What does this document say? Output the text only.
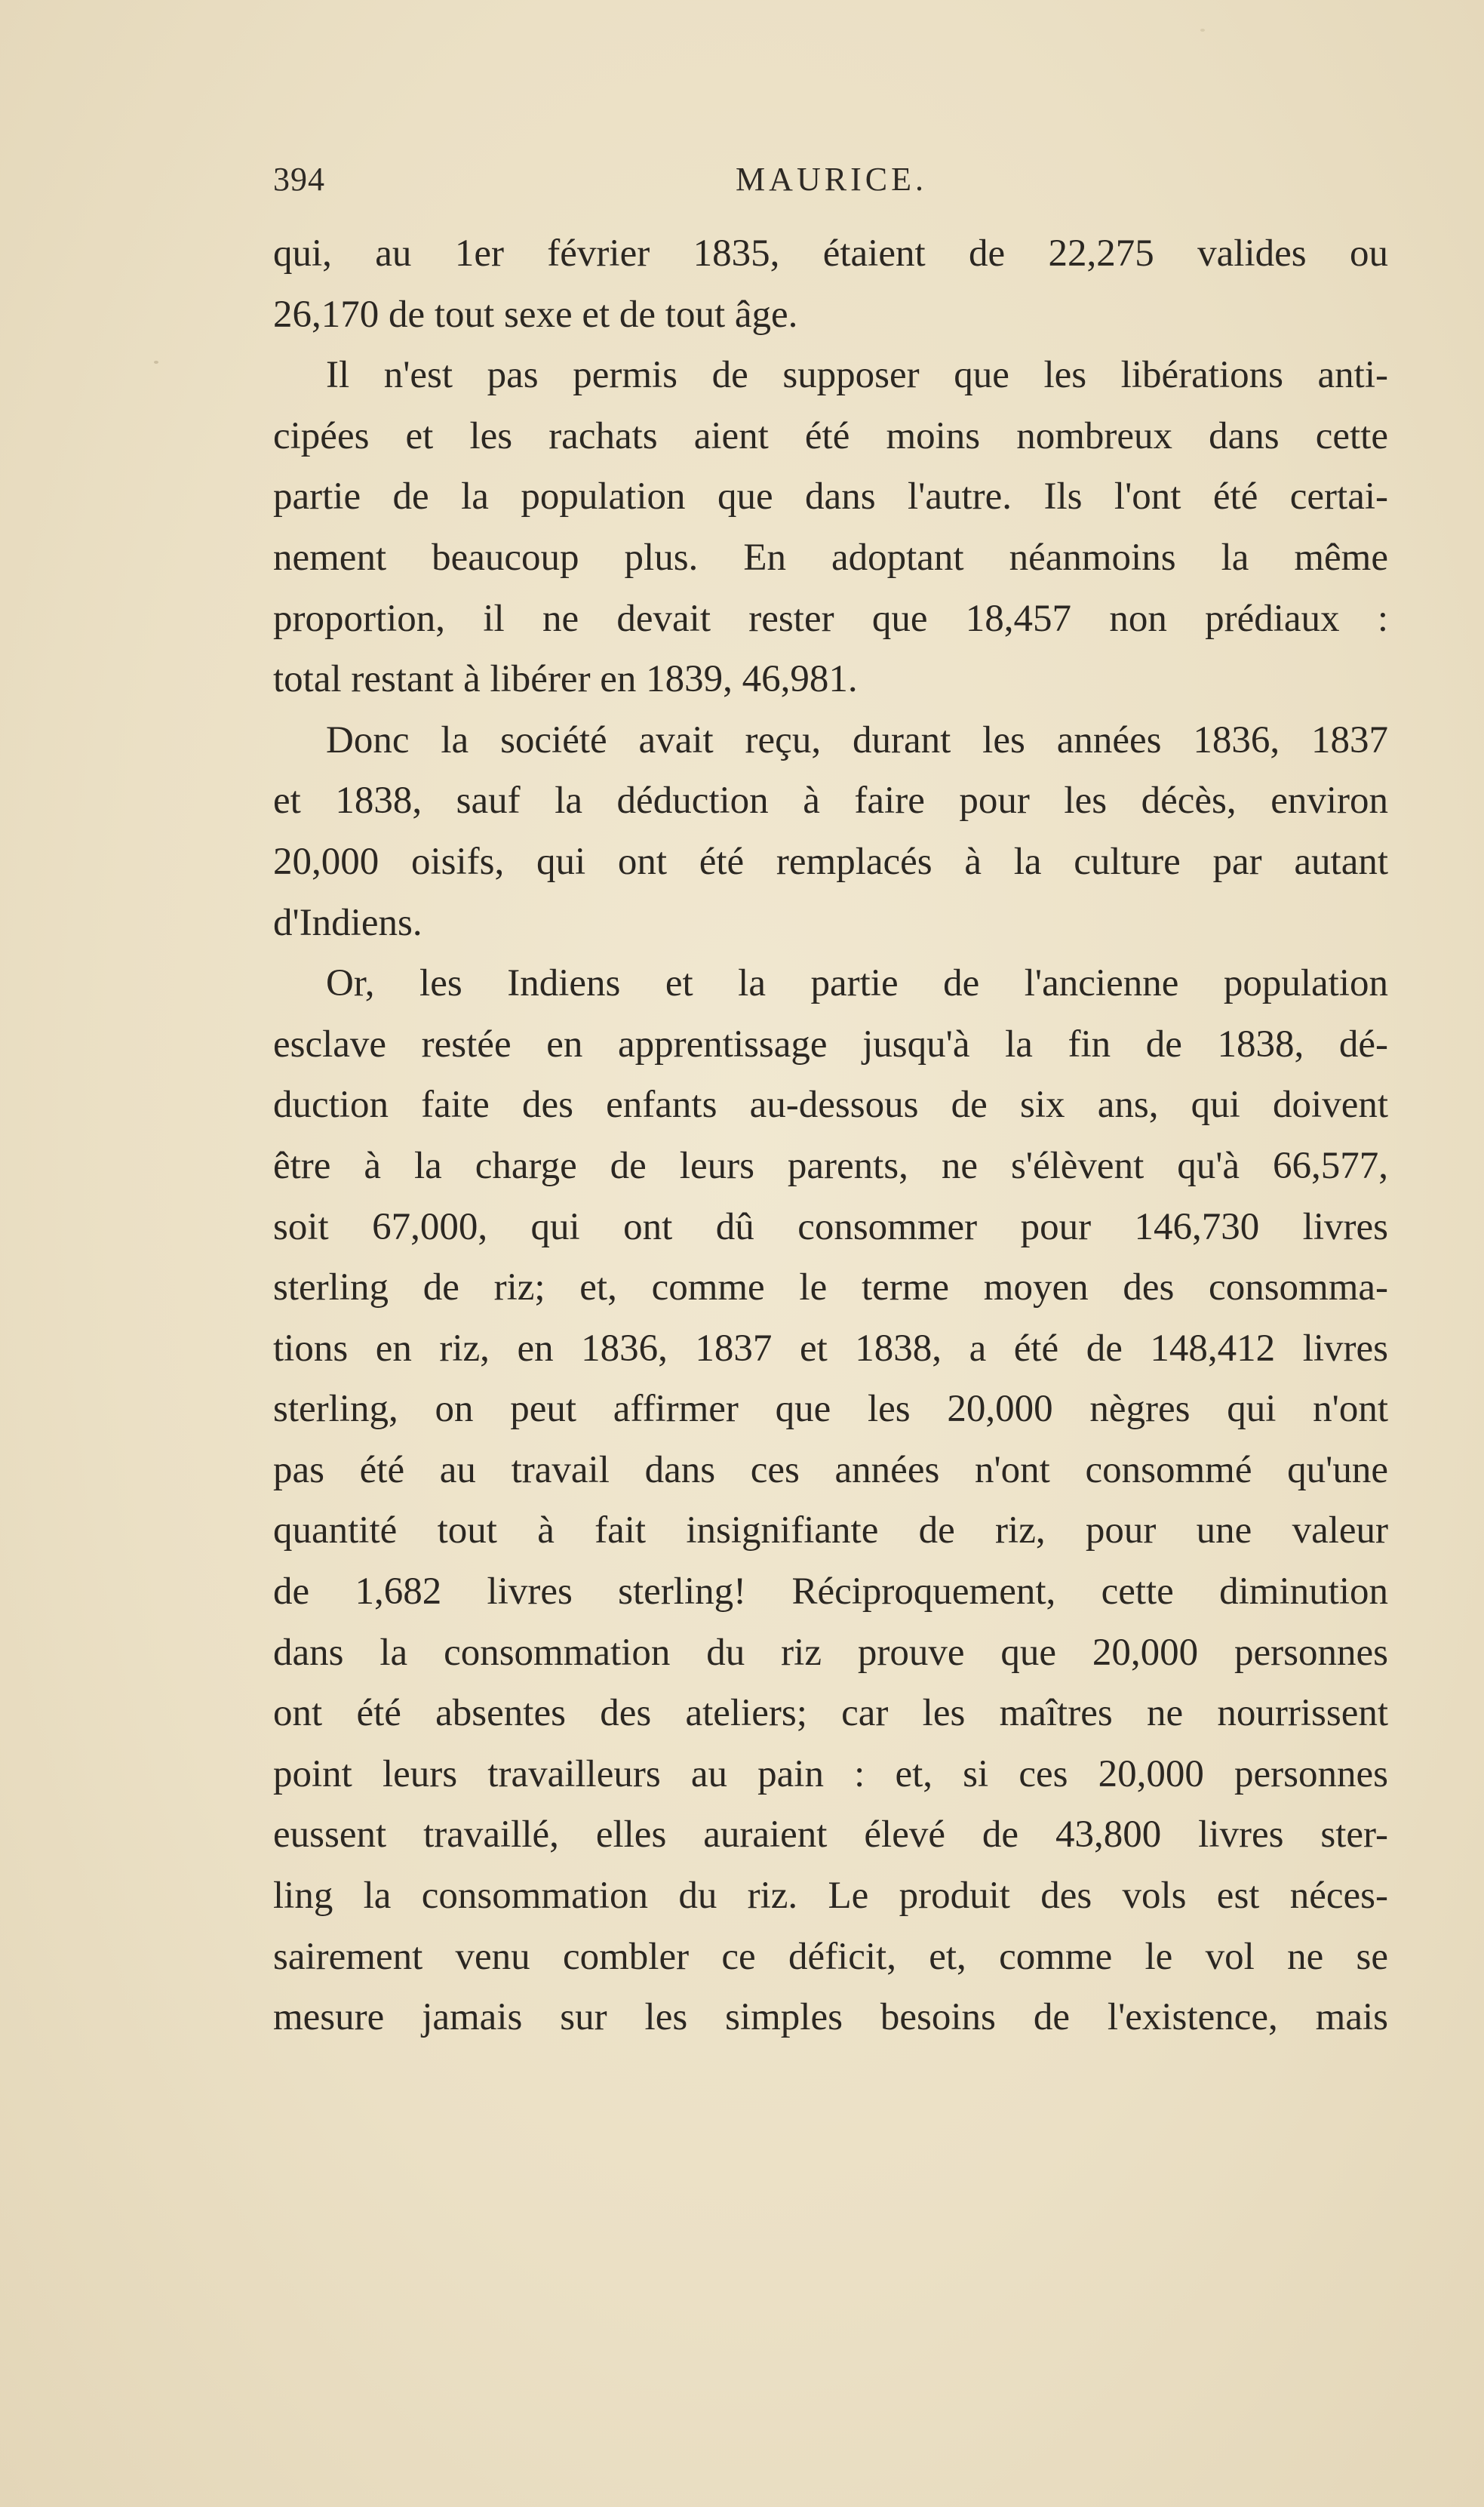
394	MAURICE.
qui, au 1er février 1835, étaient de 22,275 valides ou
26,170 de tout sexe et de tout âge.
Il n'est pas permis de supposer que les libérations anti-
cipées et les rachats aient été moins nombreux dans cette
partie de la population que dans l'autre. Ils l'ont été certai-
nement beaucoup plus. En adoptant néanmoins la même
proportion, il ne devait rester que 18,457 non prédiaux :
total restant à libérer en 1839, 46,981.
Donc la société avait reçu, durant les années 1836, 1837
et 1838, sauf la déduction à faire pour les décès, environ
20,000 oisifs, qui ont été remplacés à la culture par autant
d'Indiens.
Or, les Indiens et la partie de l'ancienne population
esclave restée en apprentissage jusqu'à la fin de 1838, dé-
duction faite des enfants au-dessous de six ans, qui doivent
être à la charge de leurs parents, ne s'élèvent qu'à 66,577,
soit 67,000, qui ont dû consommer pour 146,730 livres
sterling de riz; et, comme le terme moyen des consomma-
tions en riz, en 1836, 1837 et 1838, a été de 148,412 livres
sterling, on peut affirmer que les 20,000 nègres qui n'ont
pas été au travail dans ces années n'ont consommé qu'une
quantité tout à fait insignifiante de riz, pour une valeur
de 1,682 livres sterling! Réciproquement, cette diminution
dans la consommation du riz prouve que 20,000 personnes
ont été absentes des ateliers; car les maîtres ne nourrissent
point leurs travailleurs au pain : et, si ces 20,000 personnes
eussent travaillé, elles auraient élevé de 43,800 livres ster-
ling la consommation du riz. Le produit des vols est néces-
sairement venu combler ce déficit, et, comme le vol ne se
mesure jamais sur les simples besoins de l'existence, mais
